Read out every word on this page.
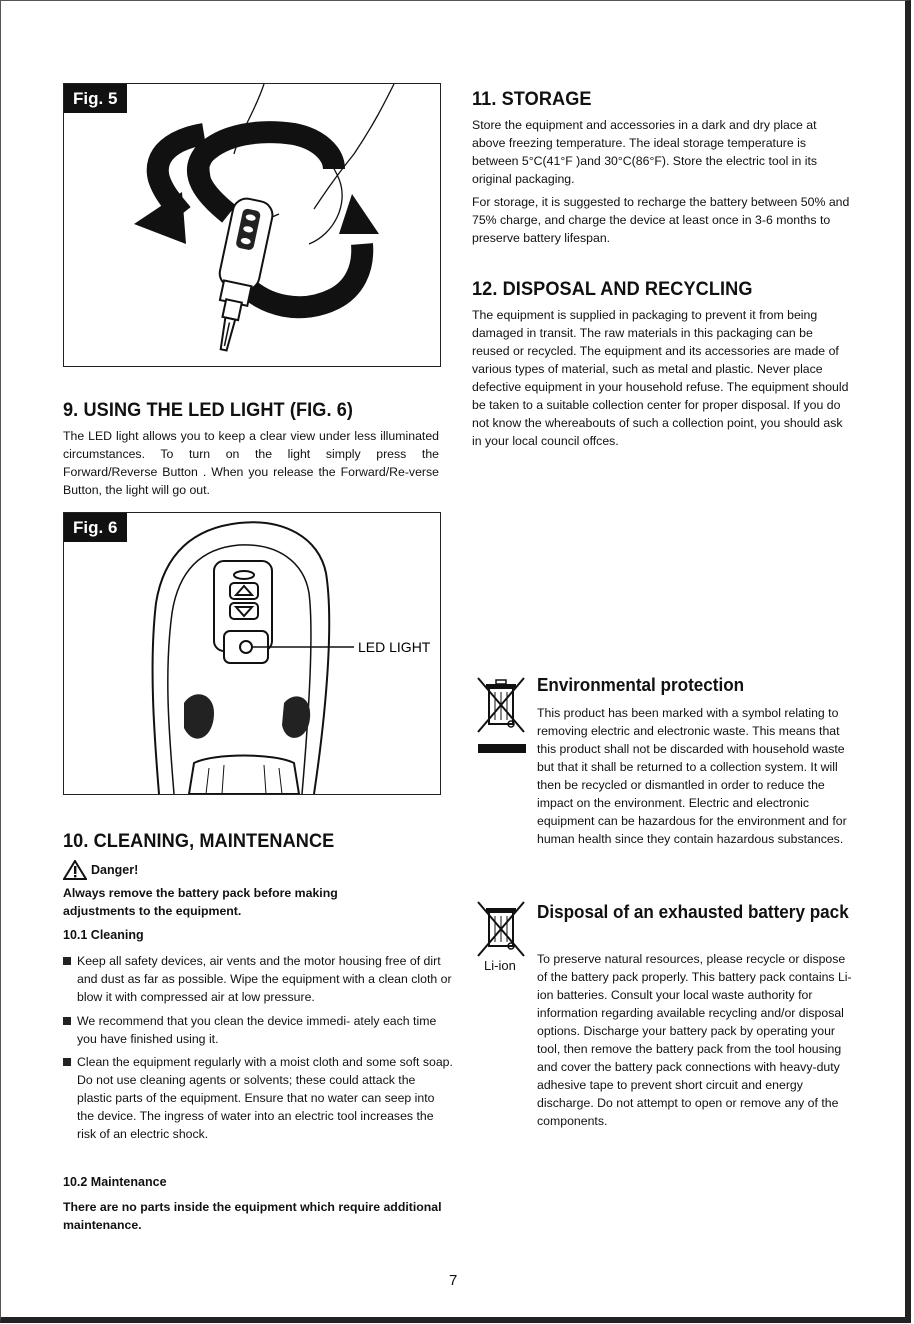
Fig. 5
9. USING THE LED LIGHT (FIG. 6)

The LED light allows you to keep a clear view under less illuminated circumstances. To turn on the light simply press the Forward/Reverse Button . When you release the Forward/Re-verse Button, the light will go out.

Fig. 6
LED LIGHT
10. CLEANING, MAINTENANCE
Danger!

Always remove the battery pack before making adjustments to the equipment.

10.1 Cleaning
Keep all safety devices, air vents and the motor housing free of dirt and dust as far as possible. Wipe the equipment with a clean cloth or blow it with compressed air at low pressure.
We recommend that you clean the device immedi- ately each time you have finished using it.
Clean the equipment regularly with a moist cloth and some soft soap. Do not use cleaning agents or solvents; these could attack the plastic parts of the equipment. Ensure that no water can seep into the device. The ingress of water into an electric tool increases the risk of an electric shock.
10.2 Maintenance

There are no parts inside the equipment which require additional maintenance.

11. STORAGE

Store the equipment and accessories in a dark and dry place at above freezing temperature. The ideal storage temperature is between 5°C(41°F )and 30°C(86°F). Store the electric tool in its original packaging.

For storage, it is suggested to recharge the battery between 50% and 75% charge, and charge the device at least once in 3-6 months to preserve battery lifespan.

12. DISPOSAL AND RECYCLING

The equipment is supplied in packaging to prevent it from being damaged in transit. The raw materials in this packaging can be reused or recycled. The equipment and its accessories are made of various types of material, such as metal and plastic. Never place defective equipment in your household refuse. The equipment should be taken to a suitable collection center for proper disposal. If you do not know the whereabouts of such a collection point, you should ask in your local council offces.

Environmental protection

This product has been marked with a symbol relating to removing electric and electronic waste. This means that this product shall not be discarded with household waste but that it shall be returned to a collection system. It will then be recycled or dismantled in order to reduce the impact on the environment. Electric and electronic equipment can be hazardous for the environment and for human health since they contain hazardous substances.

Li-ion
Disposal of an exhausted battery pack

To preserve natural resources, please recycle or dispose of the battery pack properly. This battery pack contains Li-ion batteries. Consult your local waste authority for information regarding available recycling and/or disposal options. Discharge your battery pack by operating your tool, then remove the battery pack from the tool housing and cover the battery pack connections with heavy-duty adhesive tape to prevent short circuit and energy discharge. Do not attempt to open or remove any of the components.

7
